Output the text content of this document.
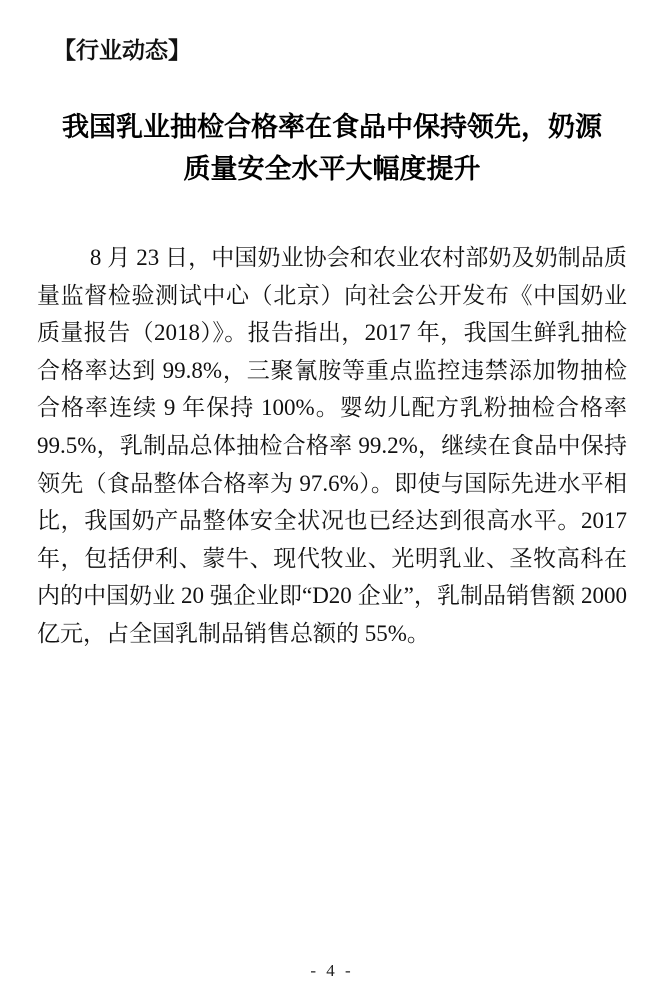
【行业动态】
我国乳业抽检合格率在食品中保持领先，奶源
质量安全水平大幅度提升

8 月 23 日，中国奶业协会和农业农村部奶及奶制品质量监督检验测试中心（北京）向社会公开发布《中国奶业质量报告（2018）》。报告指出，2017 年，我国生鲜乳抽检合格率达到 99.8%，三聚氰胺等重点监控违禁添加物抽检合格率连续 9 年保持 100%。婴幼儿配方乳粉抽检合格率 99.5%，乳制品总体抽检合格率 99.2%，继续在食品中保持领先（食品整体合格率为 97.6%）。即使与国际先进水平相比，我国奶产品整体安全状况也已经达到很高水平。2017 年，包括伊利、蒙牛、现代牧业、光明乳业、圣牧高科在内的中国奶业 20 强企业即“D20 企业”，乳制品销售额 2000 亿元，占全国乳制品销售总额的 55%。

- 4 -
